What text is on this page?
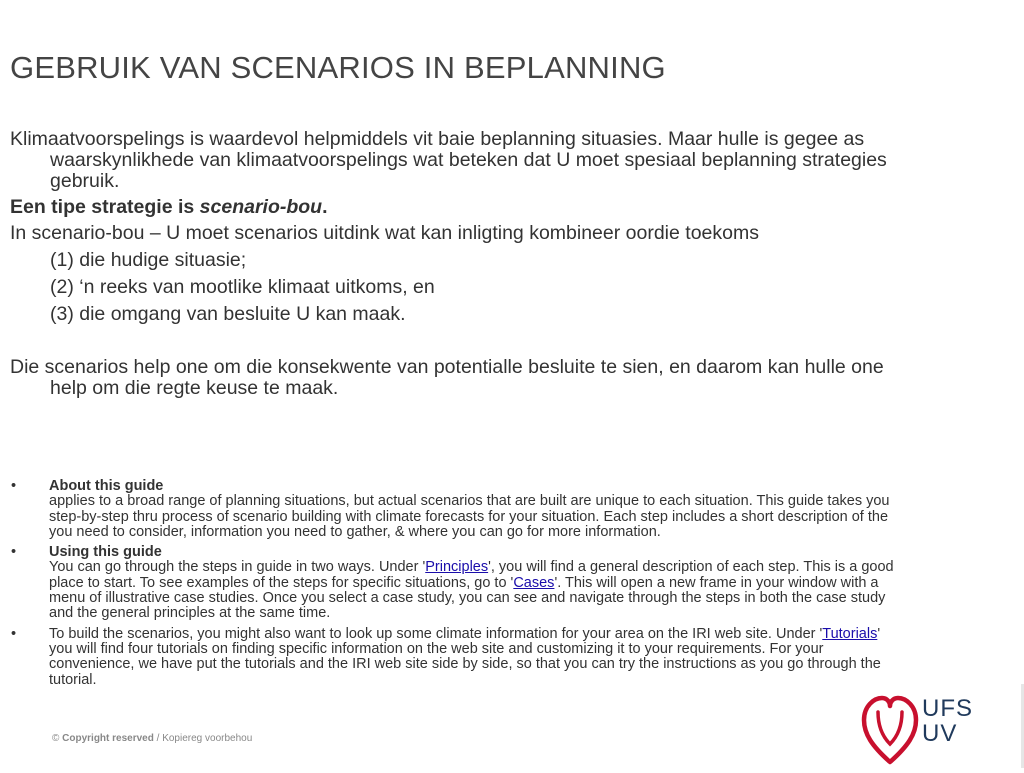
GEBRUIK VAN SCENARIOS IN BEPLANNING

Klimaatvoorspelings is waardevol helpmiddels vit baie beplanning situasies. Maar hulle is gegee as waarskynlikhede van klimaatvoorspelings wat beteken dat U moet spesiaal beplanning strategies gebruik.

Een tipe strategie is scenario-bou.

In scenario-bou – U moet scenarios uitdink wat kan inligting kombineer oordie toekoms

(1) die hudige situasie;

(2) ‘n reeks van mootlike klimaat uitkoms, en

(3) die omgang van besluite U kan maak.

Die scenarios help one om die konsekwente van potentialle besluite te sien, en daarom kan hulle one help om die regte keuse te maak.

• About this guide
applies to a broad range of planning situations, but actual scenarios that are built are unique to each situation. This guide takes you step-by-step thru process of scenario building with climate forecasts for your situation. Each step includes a short description of the you need to consider, information you need to gather, & where you can go for more information.
• Using this guide
You can go through the steps in guide in two ways. Under 'Principles', you will find a general description of each step. This is a good place to start. To see examples of the steps for specific situations, go to 'Cases'. This will open a new frame in your window with a menu of illustrative case studies. Once you select a case study, you can see and navigate through the steps in both the case study and the general principles at the same time.
• To build the scenarios, you might also want to look up some climate information for your area on the IRI web site. Under 'Tutorials' you will find four tutorials on finding specific information on the web site and customizing it to your requirements. For your convenience, we have put the tutorials and the IRI web site side by side, so that you can try the instructions as you go through the tutorial.
© Copyright reserved / Kopiereg voorbehou
UFS
UV
